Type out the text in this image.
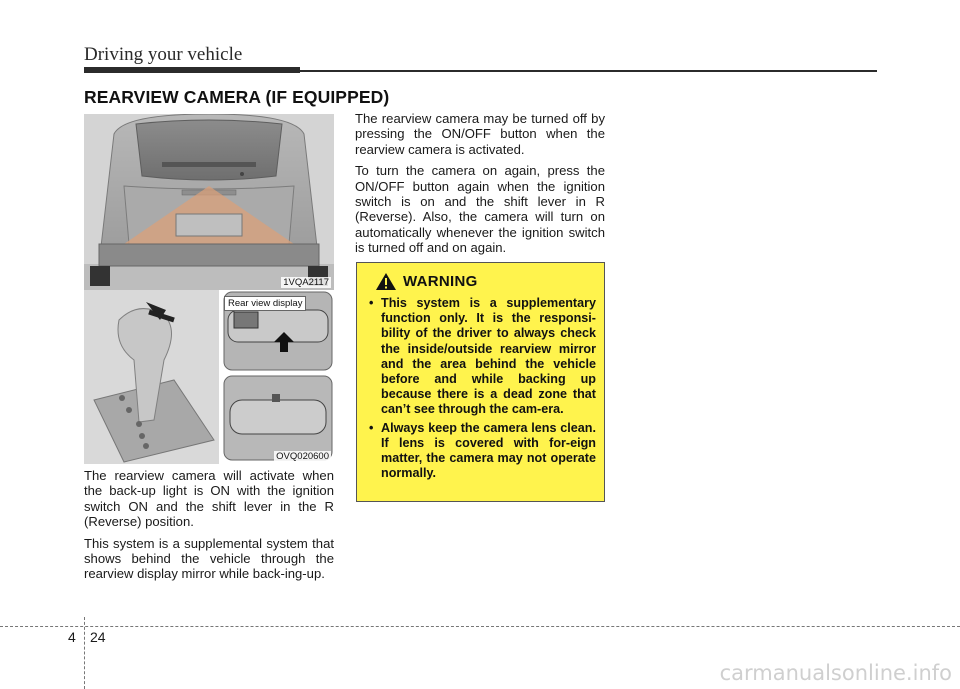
Driving your vehicle
REARVIEW CAMERA (IF EQUIPPED)
1VQA2117
Rear view display
OVQ020600

The rearview camera will activate when the back-up light is ON with the ignition switch ON and the shift lever in the R (Reverse) position.

This system is a supplemental system that shows behind the vehicle through the rearview display mirror while back-ing-up.

The rearview camera may be turned off by pressing the ON/OFF button when the rearview camera is activated.

To turn the camera on again, press the ON/OFF button again when the ignition switch is on and the shift lever in R (Reverse). Also, the camera will turn on automatically whenever the ignition switch is turned off and on again.

WARNING
• This system is a supplementary function only. It is the responsi-bility of the driver to always check the inside/outside rearview mirror and the area behind the vehicle before and while backing up because there is a dead zone that can’t see through the cam-era.
• Always keep the camera lens clean. If lens is covered with for-eign matter, the camera may not operate normally.
4 24
carmanualsonline.info
